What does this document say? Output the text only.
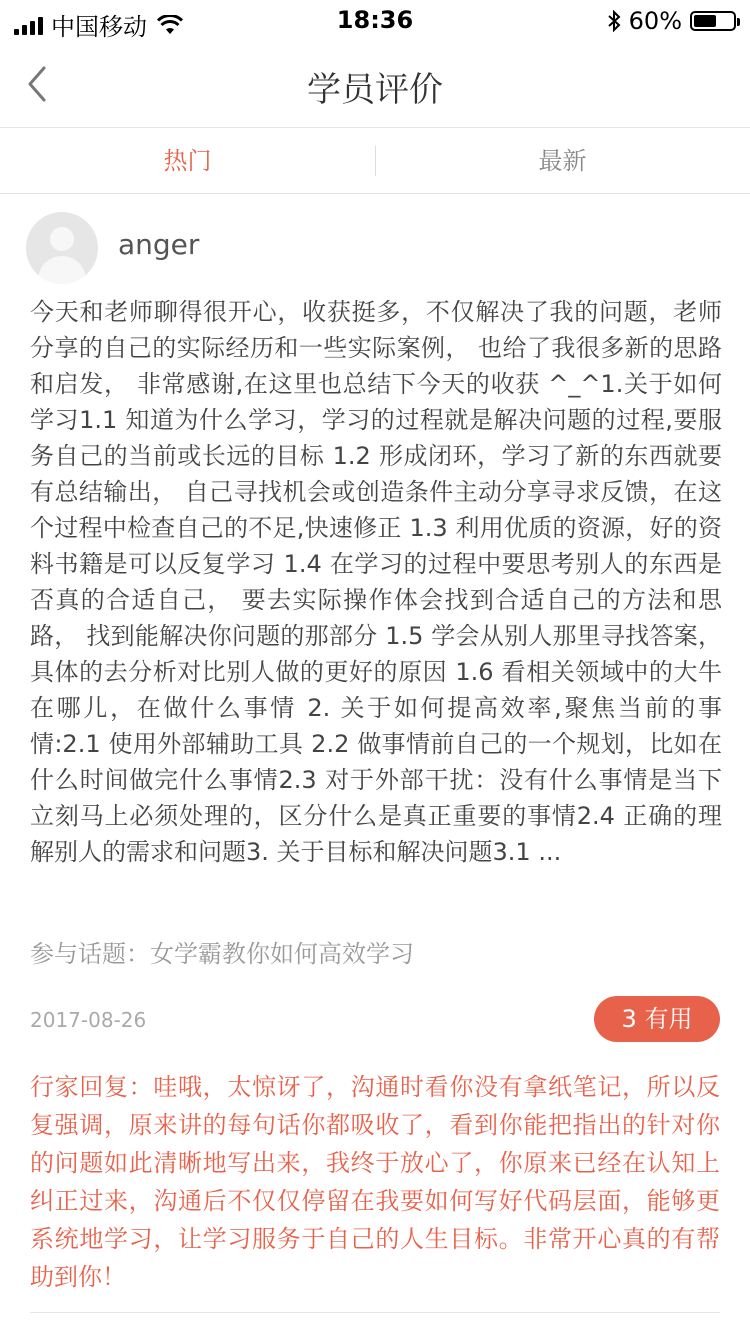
中国移动	18:36	60%
学员评价
热门	最新
anger

今天和老师聊得很开心，收获挺多，不仅解决了我的问题，老师分享的自己的实际经历和一些实际案例， 也给了我很多新的思路和启发， 非常感谢,在这里也总结下今天的收获 ^_^1.关于如何学习1.1 知道为什么学习，学习的过程就是解决问题的过程,要服务自己的当前或长远的目标 1.2 形成闭环，学习了新的东西就要有总结输出， 自己寻找机会或创造条件主动分享寻求反馈，在这个过程中检查自己的不足,快速修正 1.3 利用优质的资源，好的资料书籍是可以反复学习 1.4 在学习的过程中要思考别人的东西是否真的合适自己， 要去实际操作体会找到合适自己的方法和思路， 找到能解决你问题的那部分 1.5 学会从别人那里寻找答案，具体的去分析对比别人做的更好的原因 1.6 看相关领域中的大牛在哪儿，在做什么事情 2. 关于如何提高效率,聚焦当前的事情:2.1 使用外部辅助工具 2.2 做事情前自己的一个规划，比如在什么时间做完什么事情2.3 对于外部干扰：没有什么事情是当下立刻马上必须处理的，区分什么是真正重要的事情2.4 正确的理解别人的需求和问题3. 关于目标和解决问题3.1 ...

参与话题：女学霸教你如何高效学习
2017-08-26	3 有用

行家回复：哇哦，太惊讶了，沟通时看你没有拿纸笔记，所以反复强调，原来讲的每句话你都吸收了，看到你能把指出的针对你的问题如此清晰地写出来，我终于放心了，你原来已经在认知上纠正过来，沟通后不仅仅停留在我要如何写好代码层面，能够更系统地学习，让学习服务于自己的人生目标。非常开心真的有帮助到你！
